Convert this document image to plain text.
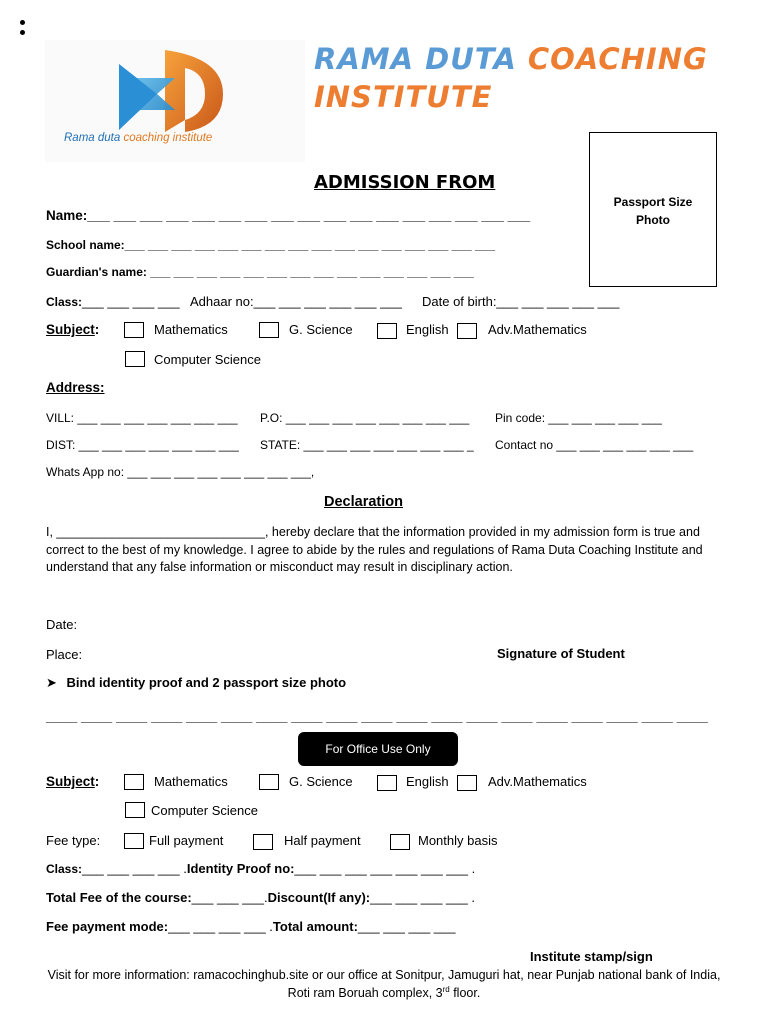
Rama duta coaching institute
RAMA DUTA COACHING
INSTITUTE
ADMISSION FROM
Passport Size
Photo
Name:___ ___ ___ ___ ___ ___ ___ ___ ___ ___ ___ ___ ___ ___ ___ ___ ___
School name:___ ___ ___ ___ ___ ___ ___ ___ ___ ___ ___ ___ ___ ___ ___ ___
Guardian's name: ___ ___ ___ ___ ___ ___ ___ ___ ___ ___ ___ ___ ___ ___
Class:___ ___ ___ ___ Adhaar no:___ ___ ___ ___ ___ ___ Date of birth:___ ___ ___ ___ ___
Subject:	Mathematics	G. Science	English	Adv.Mathematics
Computer Science
Address:
VILL: ___ ___ ___ ___ ___ ___ ___ P.O: ___ ___ ___ ___ ___ ___ ___ ___ Pin code: ___ ___ ___ ___ ___
DIST: ___ ___ ___ ___ ___ ___ ___ STATE: ___ ___ ___ ___ ___ ___ ___ _ Contact no ___ ___ ___ ___ ___ ___
Whats App no: ___ ___ ___ ___ ___ ___ ___ ___,
Declaration
I, ______________________________, hereby declare that the information provided in my admission form is true and correct to the best of my knowledge. I agree to abide by the rules and regulations of Rama Duta Coaching Institute and understand that any false information or misconduct may result in disciplinary action.
Date:
Place:	Signature of Student
➤ Bind identity proof and 2 passport size photo
____ ____ ____ ____ ____ ____ ____ ____ ____ ____ ____ ____ ____ ____ ____ ____ ____ ____ ____
For Office Use Only
Subject:	Mathematics	G. Science	English	Adv.Mathematics
Computer Science
Fee type:	Full payment	Half payment	Monthly basis
Class:___ ___ ___ ___ .Identity Proof no:___ ___ ___ ___ ___ ___ ___ .
Total Fee of the course:___ ___ ___.Discount(If any):___ ___ ___ ___ .
Fee payment mode:___ ___ ___ ___ .Total amount:___ ___ ___ ___
Institute stamp/sign
Visit for more information: ramacochinghub.site or our office at Sonitpur, Jamuguri hat, near Punjab national bank of India,
Roti ram Boruah complex, 3rd floor.
